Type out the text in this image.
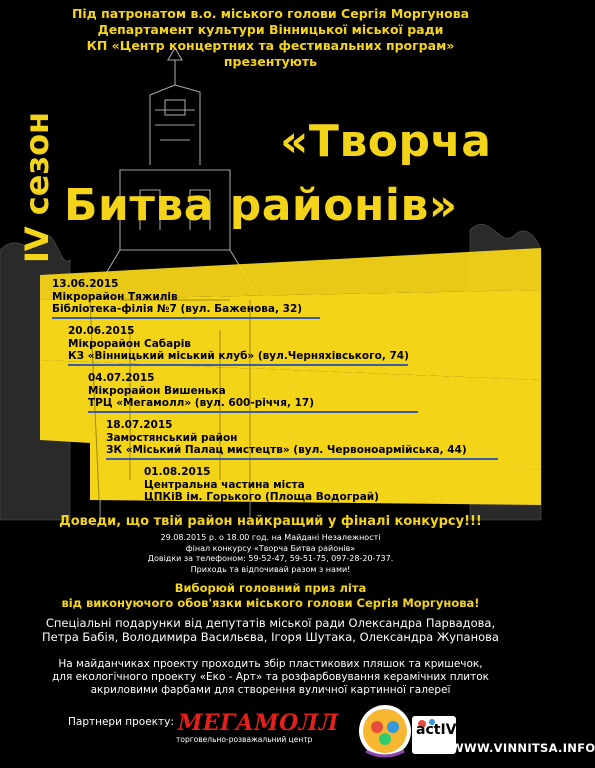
Під патронатом в.о. міського голови Сергія Моргунова
Департамент культури Вінницької міської ради
КП «Центр концертних та фестивальних програм»
презентують
IV сезон	«Творча
Битва районів»
13.06.2015
Мікрорайон Тяжилів
Бібліотека-філія №7 (вул. Баженова, 32)
20.06.2015
Мікрорайон Сабарів
КЗ «Вінницький міський клуб» (вул.Черняхівського, 74)
04.07.2015
Мікрорайон Вишенька
ТРЦ «Мегамолл» (вул. 600-річчя, 17)
18.07.2015
Замостянський район
ЗК «Міський Палац мистецтв» (вул. Червоноармійська, 44)
01.08.2015
Центральна частина міста
ЦПКіВ ім. Горького (Площа Водограй)
Доведи, що твій район найкращий у фіналі конкурсу!!!
29.08.2015 р. о 18.00 год. на Майдані Незалежності
фінал конкурсу «Творча Битва районів»
Довідки за телефоном: 59-52-47, 59-51-75, 097-28-20-737.
Приходь та відпочивай разом з нами!
Виборюй головний приз літа
від виконуючого обов'язки міського голови Сергія Моргунова!
Спеціальні подарунки від депутатів міської ради Олександра Парвадова,
Петра Бабія, Володимира Васильєва, Ігоря Шутака, Олександра Жупанова
На майданчиках проекту проходить збір пластикових пляшок та кришечок,
для екологічного проекту «Еко - Арт» та розфарбовування керамічних плиток
акриловими фарбами для створення вуличної картинної галереї
Партнери проекту: МЕГАМОЛЛ
торговельно-розважальний центр
actIV
WWW.VINNITSA.INFO
